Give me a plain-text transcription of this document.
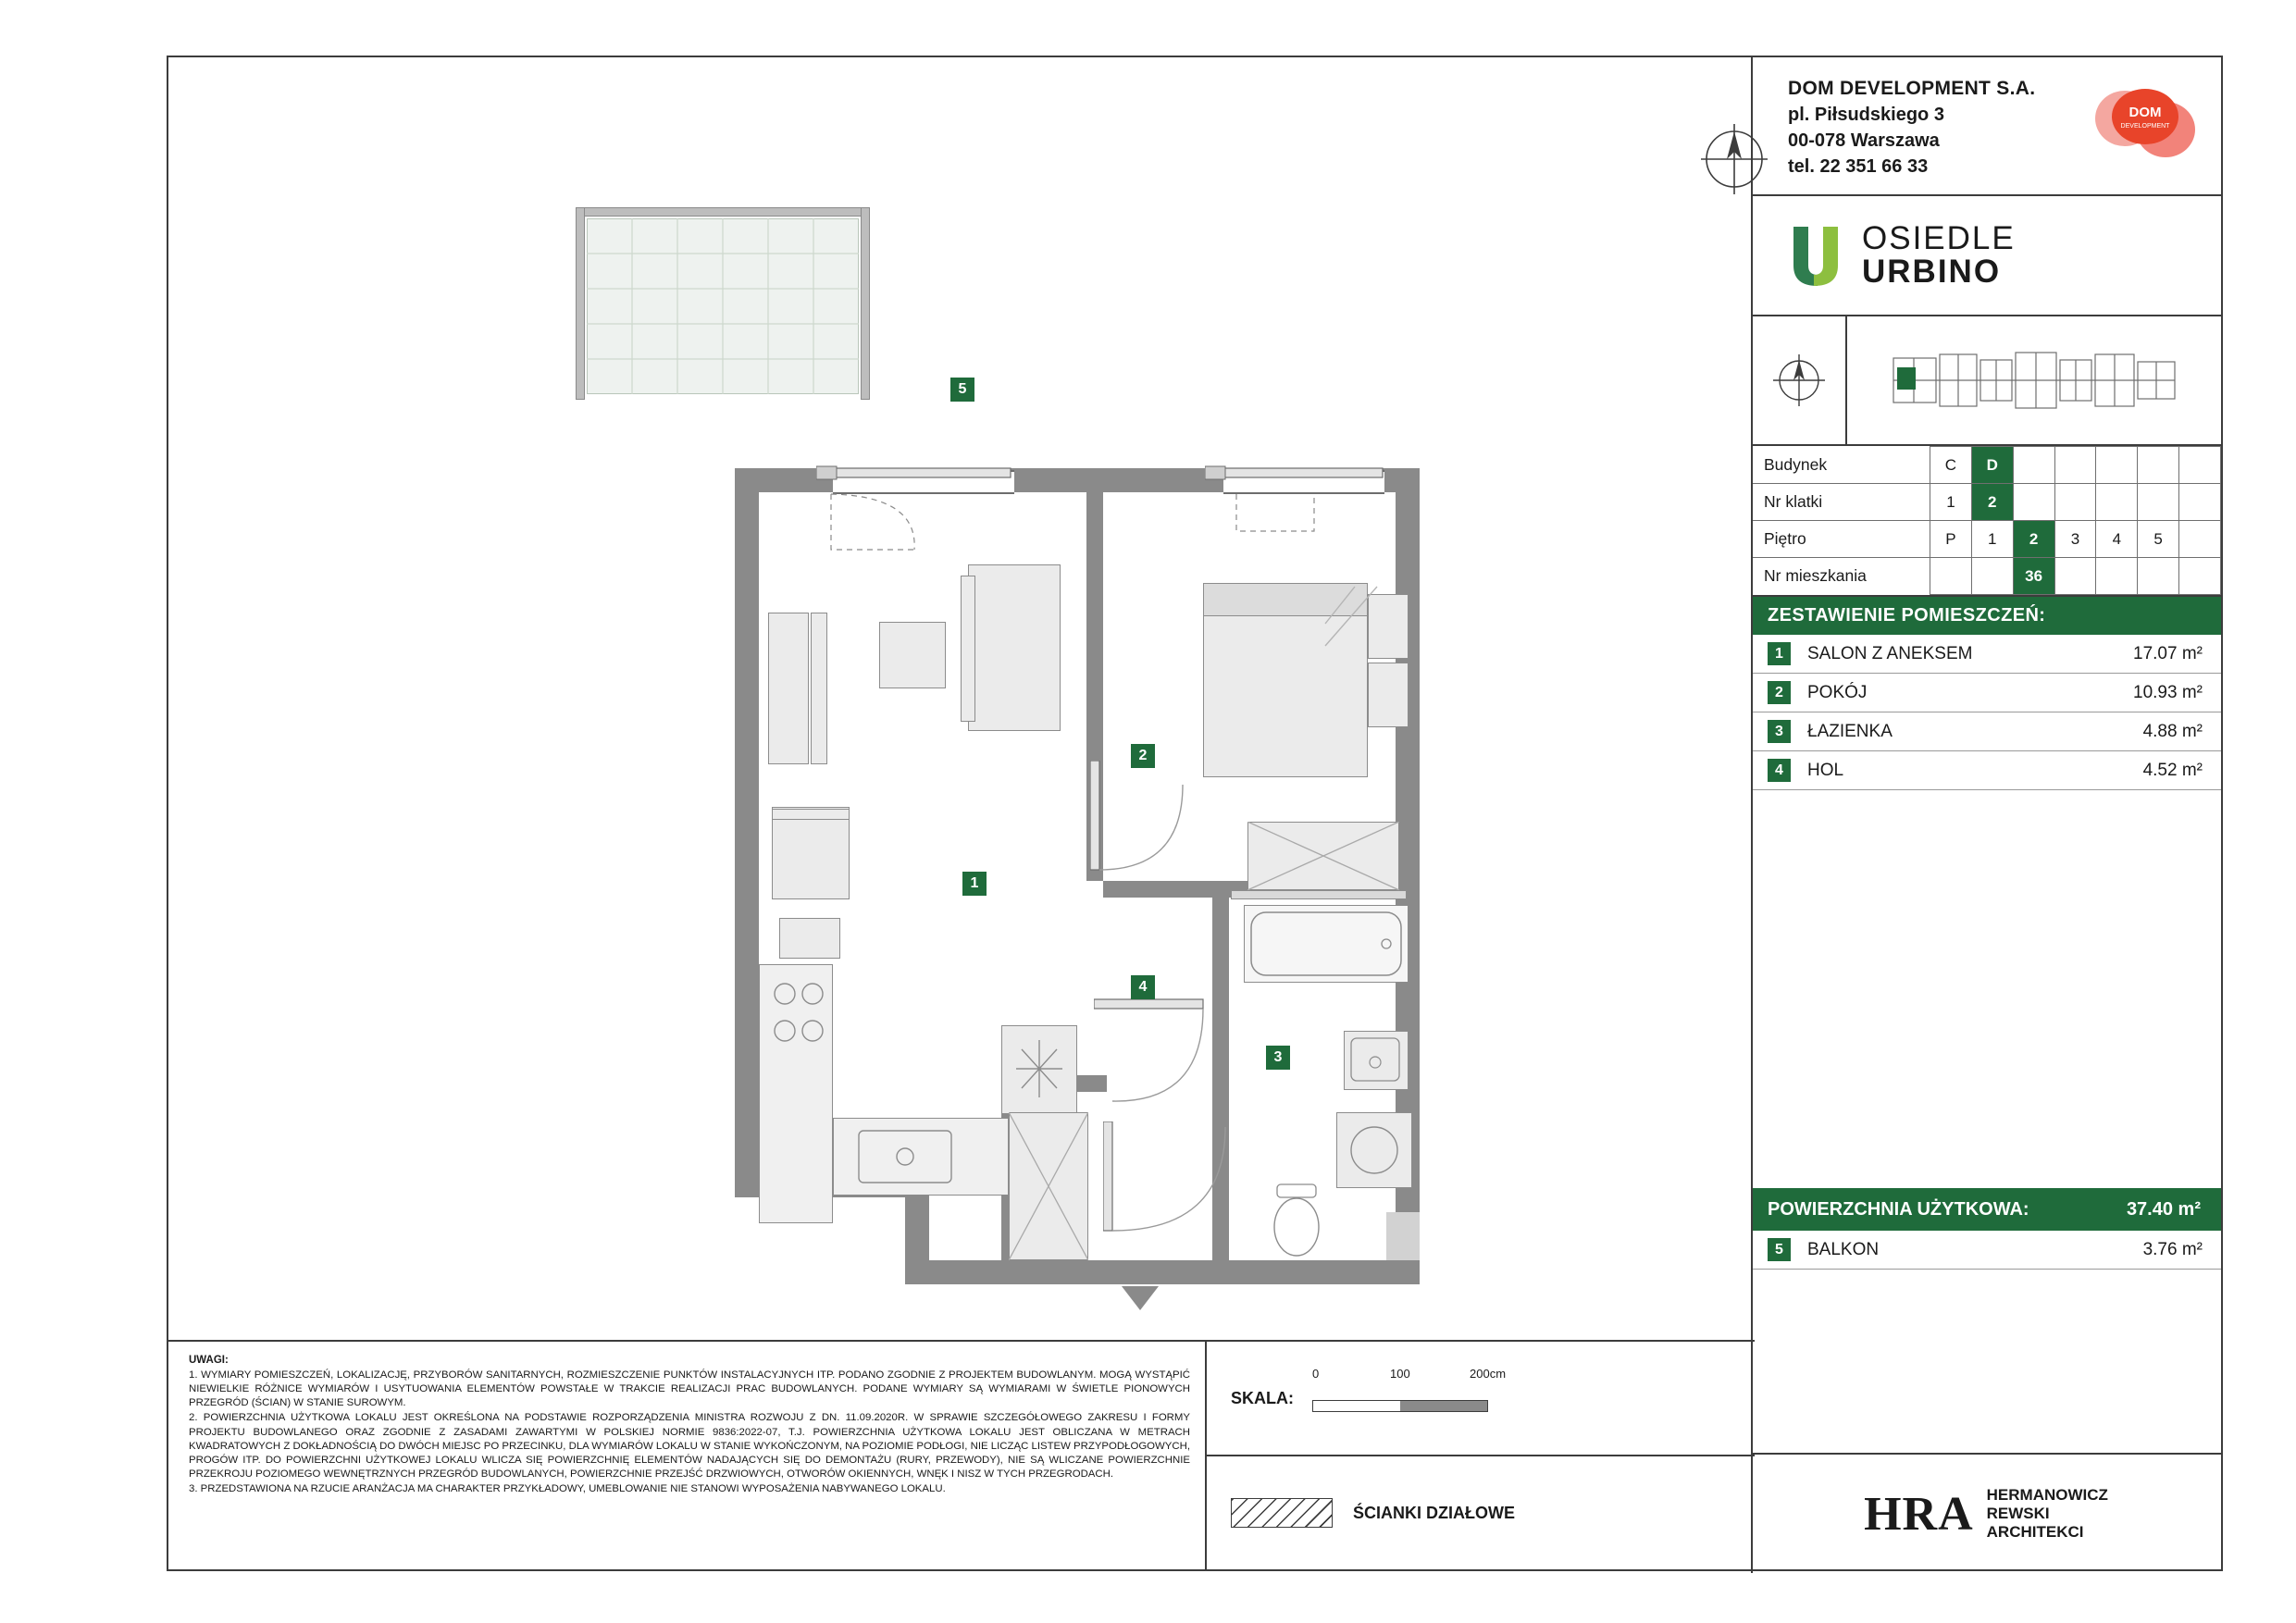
1
2
3
4
5
DOM DEVELOPMENT S.A.
pl. Piłsudskiego 3
00-078 Warszawa
tel. 22 351 66 33
DOM
DEVELOPMENT
OSIEDLE
URBINO
Budynek	C	D					
Nr klatki	1	2					
Piętro	P	1	2	3	4	5	
Nr mieszkania			36				
ZESTAWIENIE POMIESZCZEŃ:
1	SALON Z ANEKSEM	17.07 m²
2	POKÓJ	10.93 m²
3	ŁAZIENKA	4.88 m²
4	HOL	4.52 m²
POWIERZCHNIA UŻYTKOWA:	37.40 m²
5	BALKON	3.76 m²
HRA HERMANOWICZ
REWSKI
ARCHITEKCI
UWAGI:

1. WYMIARY POMIESZCZEŃ, LOKALIZACJĘ, PRZYBORÓW SANITARNYCH, ROZMIESZCZENIE PUNKTÓW INSTALACYJNYCH ITP. PODANO ZGODNIE Z PROJEKTEM BUDOWLANYM. MOGĄ WYSTĄPIĆ NIEWIELKIE RÓŻNICE WYMIARÓW I USYTUOWANIA ELEMENTÓW POWSTAŁE W TRAKCIE REALIZACJI PRAC BUDOWLANYCH. PODANE WYMIARY SĄ WYMIARAMI W ŚWIETLE PIONOWYCH PRZEGRÓD (ŚCIAN) W STANIE SUROWYM.

2. POWIERZCHNIA UŻYTKOWA LOKALU JEST OKREŚLONA NA PODSTAWIE ROZPORZĄDZENIA MINISTRA ROZWOJU Z DN. 11.09.2020R. W SPRAWIE SZCZEGÓŁOWEGO ZAKRESU I FORMY PROJEKTU BUDOWLANEGO ORAZ ZGODNIE Z ZASADAMI ZAWARTYMI W POLSKIEJ NORMIE 9836:2022-07, T.J. POWIERZCHNIA UŻYTKOWA LOKALU JEST OBLICZANA W METRACH KWADRATOWYCH Z DOKŁADNOŚCIĄ DO DWÓCH MIEJSC PO PRZECINKU, DLA WYMIARÓW LOKALU W STANIE WYKOŃCZONYM, NA POZIOMIE PODŁOGI, NIE LICZĄC LISTEW PRZYPODŁOGOWYCH, PROGÓW ITP. DO POWIERZCHNI UŻYTKOWEJ LOKALU WLICZA SIĘ POWIERZCHNIĘ ELEMENTÓW NADAJĄCYCH SIĘ DO DEMONTAŻU (RURY, PRZEWODY), NIE SĄ WLICZANE POWIERZCHNIE PRZEKROJU POZIOMEGO WEWNĘTRZNYCH PRZEGRÓD BUDOWLANYCH, POWIERZCHNIE PRZEJŚĆ DRZWIOWYCH, OTWORÓW OKIENNYCH, WNĘK I NISZ W TYCH PRZEGRODACH.

3. PRZEDSTAWIONA NA RZUCIE ARANŻACJA MA CHARAKTER PRZYKŁADOWY, UMEBLOWANIE NIE STANOWI WYPOSAŻENIA NABYWANEGO LOKALU.

SKALA:
0	100	200cm
ŚCIANKI DZIAŁOWE
